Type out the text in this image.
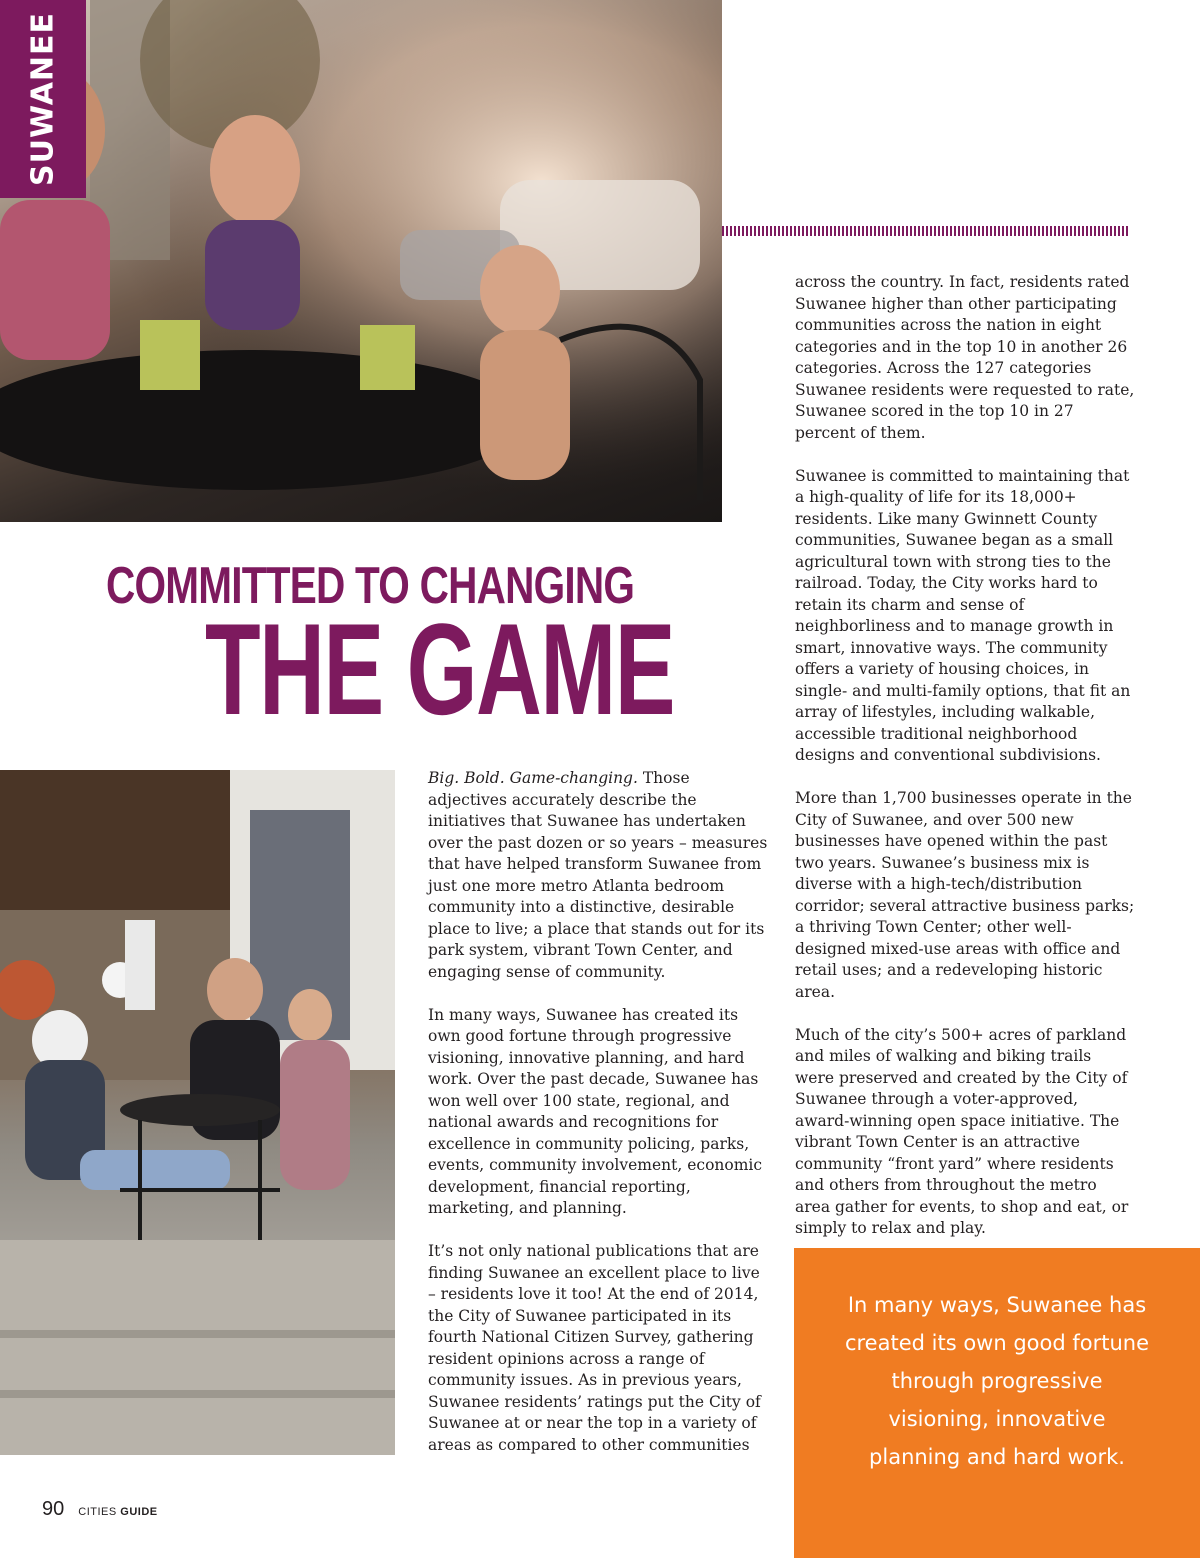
SUWANEE
COMMITTED TO CHANGING
THE GAME

Big. Bold. Game-changing. Those adjectives accurately describe the initiatives that Suwanee has undertaken over the past dozen or so years – measures that have helped transform Suwanee from just one more metro Atlanta bedroom community into a distinctive, desirable place to live; a place that stands out for its park system, vibrant Town Center, and engaging sense of community.

In many ways, Suwanee has created its own good fortune through progressive visioning, innovative planning, and hard work. Over the past decade, Suwanee has won well over 100 state, regional, and national awards and recognitions for excellence in community policing, parks, events, community involvement, economic development, financial reporting, marketing, and planning.

It’s not only national publications that are finding Suwanee an excellent place to live – residents love it too! At the end of 2014, the City of Suwanee participated in its fourth National Citizen Survey, gathering resident opinions across a range of community issues. As in previous years, Suwanee residents’ ratings put the City of Suwanee at or near the top in a variety of areas as compared to other communities

across the country. In fact, residents rated Suwanee higher than other participating communities across the nation in eight categories and in the top 10 in another 26 categories. Across the 127 categories Suwanee residents were requested to rate, Suwanee scored in the top 10 in 27 percent of them.

Suwanee is committed to maintaining that a high-quality of life for its 18,000+ residents. Like many Gwinnett County communities, Suwanee began as a small agricultural town with strong ties to the railroad. Today, the City works hard to retain its charm and sense of neighborliness and to manage growth in smart, innovative ways. The community offers a variety of housing choices, in single- and multi-family options, that fit an array of lifestyles, including walkable, accessible traditional neighborhood designs and conventional subdivisions.

More than 1,700 businesses operate in the City of Suwanee, and over 500 new businesses have opened within the past two years. Suwanee’s business mix is diverse with a high-tech/distribution corridor; several attractive business parks; a thriving Town Center; other well-designed mixed-use areas with office and retail uses; and a redeveloping historic area.

Much of the city’s 500+ acres of parkland and miles of walking and biking trails were preserved and created by the City of Suwanee through a voter-approved, award-winning open space initiative. The vibrant Town Center is an attractive community “front yard” where residents and others from throughout the metro area gather for events, to shop and eat, or simply to relax and play.

In many ways, Suwanee has created its own good fortune through progressive visioning, innovative planning and hard work.
90 CITIES GUIDE
